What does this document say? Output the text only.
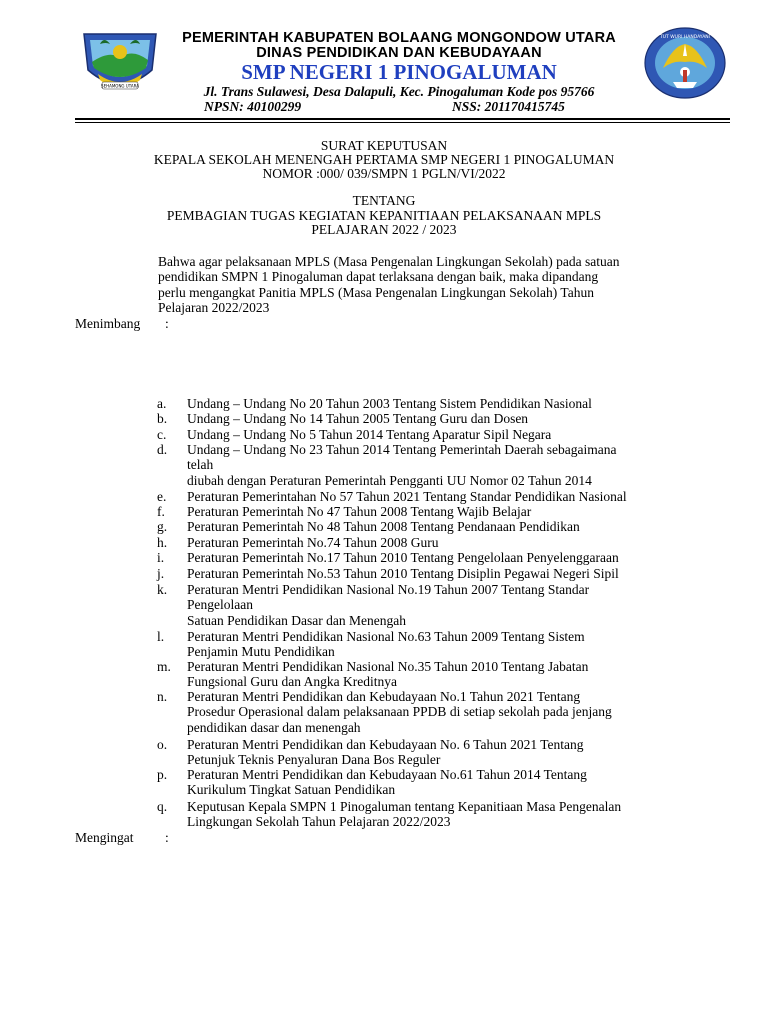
SEHAMONG UTARA
TUT WURI HANDAYANI
PEMERINTAH KABUPATEN BOLAANG MONGONDOW UTARA
DINAS PENDIDIKAN DAN KEBUDAYAAN
SMP NEGERI 1 PINOGALUMAN
Jl. Trans Sulawesi, Desa Dalapuli, Kec. Pinogaluman Kode pos 95766
NPSN: 40100299	NSS: 201170415745
SURAT KEPUTUSAN
KEPALA SEKOLAH MENENGAH PERTAMA SMP NEGERI 1 PINOGALUMAN
NOMOR :000/ 039/SMPN 1 PGLN/VI/2022
TENTANG
PEMBAGIAN TUGAS KEGIATAN KEPANITIAAN PELAKSANAAN MPLS
PELAJARAN 2022 / 2023
Bahwa agar pelaksanaan MPLS (Masa Pengenalan Lingkungan Sekolah) pada satuan
pendidikan SMPN 1 Pinogaluman dapat terlaksana dengan baik, maka dipandang
perlu mengangkat Panitia MPLS (Masa Pengenalan Lingkungan Sekolah) Tahun
Pelajaran 2022/2023
Menimbang :
a. Undang – Undang No 20 Tahun 2003 Tentang Sistem Pendidikan Nasional
b. Undang – Undang No 14 Tahun 2005 Tentang Guru dan Dosen
c. Undang – Undang No 5 Tahun 2014 Tentang Aparatur Sipil Negara
d. Undang – Undang No 23 Tahun 2014 Tentang Pemerintah Daerah sebagaimana
telah
diubah dengan Peraturan Pemerintah Pengganti UU Nomor 02 Tahun 2014
e. Peraturan Pemerintahan No 57 Tahun 2021 Tentang Standar Pendidikan Nasional
f. Peraturan Pemerintah No 47 Tahun 2008 Tentang Wajib Belajar
g. Peraturan Pemerintah No 48 Tahun 2008 Tentang Pendanaan Pendidikan
h. Peraturan Pemerintah No.74 Tahun 2008 Guru
i. Peraturan Pemerintah No.17 Tahun 2010 Tentang Pengelolaan Penyelenggaraan
j. Peraturan Pemerintah No.53 Tahun 2010 Tentang Disiplin Pegawai Negeri Sipil
k. Peraturan Mentri Pendidikan Nasional No.19 Tahun 2007 Tentang Standar
Pengelolaan
Satuan Pendidikan Dasar dan Menengah
l. Peraturan Mentri Pendidikan Nasional No.63 Tahun 2009 Tentang Sistem
Penjamin Mutu Pendidikan
m. Peraturan Mentri Pendidikan Nasional No.35 Tahun 2010 Tentang Jabatan
Fungsional Guru dan Angka Kreditnya
n. Peraturan Mentri Pendidikan dan Kebudayaan No.1 Tahun 2021 Tentang
Prosedur Operasional dalam pelaksanaan PPDB di setiap sekolah pada jenjang
pendidikan dasar dan menengah
o. Peraturan Mentri Pendidikan dan Kebudayaan No. 6 Tahun 2021 Tentang
Petunjuk Teknis Penyaluran Dana Bos Reguler
p. Peraturan Mentri Pendidikan dan Kebudayaan No.61 Tahun 2014 Tentang
Kurikulum Tingkat Satuan Pendidikan
q. Keputusan Kepala SMPN 1 Pinogaluman tentang Kepanitiaan Masa Pengenalan
Lingkungan Sekolah Tahun Pelajaran 2022/2023
Mengingat :
